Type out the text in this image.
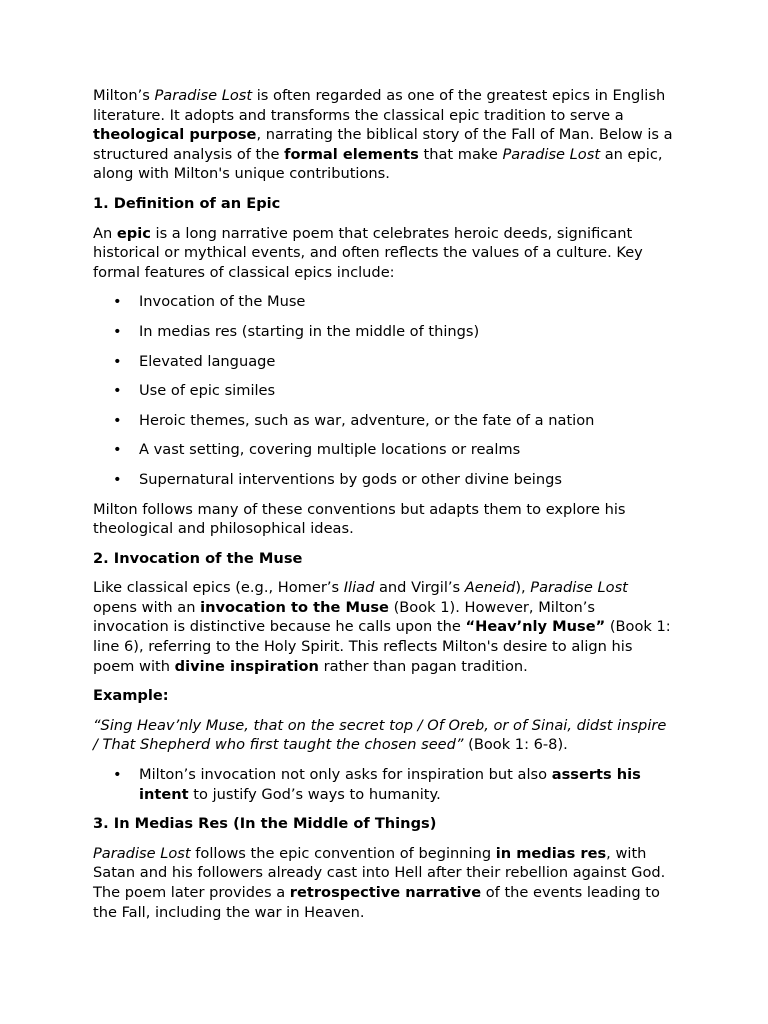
Milton’s Paradise Lost is often regarded as one of the greatest epics in English literature. It adopts and transforms the classical epic tradition to serve a theological purpose, narrating the biblical story of the Fall of Man. Below is a structured analysis of the formal elements that make Paradise Lost an epic, along with Milton's unique contributions.

1. Definition of an Epic

An epic is a long narrative poem that celebrates heroic deeds, significant historical or mythical events, and often reflects the values of a culture. Key formal features of classical epics include:

• Invocation of the Muse
• In medias res (starting in the middle of things)
• Elevated language
• Use of epic similes
• Heroic themes, such as war, adventure, or the fate of a nation
• A vast setting, covering multiple locations or realms
• Supernatural interventions by gods or other divine beings

Milton follows many of these conventions but adapts them to explore his theological and philosophical ideas.

2. Invocation of the Muse

Like classical epics (e.g., Homer’s Iliad and Virgil’s Aeneid), Paradise Lost opens with an invocation to the Muse (Book 1). However, Milton’s invocation is distinctive because he calls upon the “Heav’nly Muse” (Book 1: line 6), referring to the Holy Spirit. This reflects Milton's desire to align his poem with divine inspiration rather than pagan tradition.

Example:

“Sing Heav’nly Muse, that on the secret top / Of Oreb, or of Sinai, didst inspire / That Shepherd who first taught the chosen seed” (Book 1: 6-8).

• Milton’s invocation not only asks for inspiration but also asserts his intent to justify God’s ways to humanity.
3. In Medias Res (In the Middle of Things)

Paradise Lost follows the epic convention of beginning in medias res, with Satan and his followers already cast into Hell after their rebellion against God. The poem later provides a retrospective narrative of the events leading to the Fall, including the war in Heaven.
